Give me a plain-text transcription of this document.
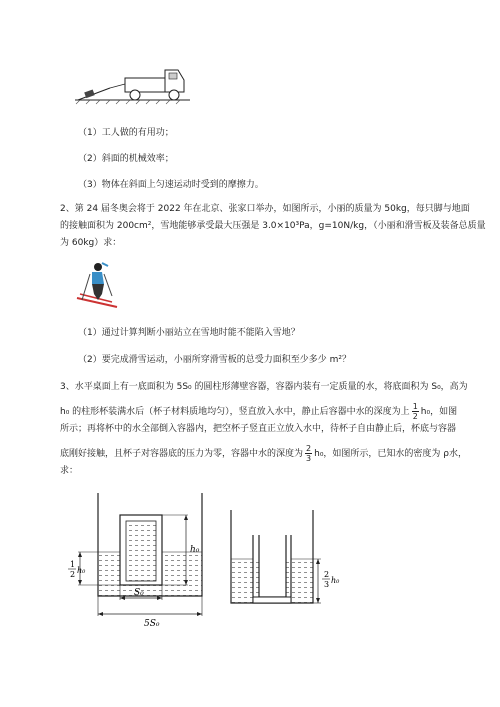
（1）工人做的有用功；
（2）斜面的机械效率；
（3）物体在斜面上匀速运动时受到的摩擦力。
2、第 24 届冬奥会将于 2022 年在北京、张家口举办，如图所示，小丽的质量为 50kg，每只脚与地面
的接触面积为 200cm²，雪地能够承受最大压强是 3.0×10³Pa，g=10N/kg，（小丽和滑雪板及装备总质量
为 60kg）求：
（1）通过计算判断小丽站立在雪地时能不能陷入雪地？
（2）要完成滑雪运动，小丽所穿滑雪板的总受力面积至少多少 m²？
3、水平桌面上有一底面积为 5S₀ 的圆柱形薄壁容器，容器内装有一定质量的水，将底面积为 S₀，高为
h₀ 的柱形杯装满水后（杯子材料质地均匀），竖直放入水中，静止后容器中水的深度为上 $\frac{1}{2} h_0$，如图
所示；再将杯中的水全部倒入容器内，把空杯子竖直正立放入水中，待杯子自由静止后，杯底与容器
底刚好接触，且杯子对容器底的压力为零，容器中水的深度为 $\frac{2}{3} h_0$，如图所示，已知水的密度为 ρ水，
求：
h₀
1
2 h₀
S₀
5S₀
2
3 h₀
